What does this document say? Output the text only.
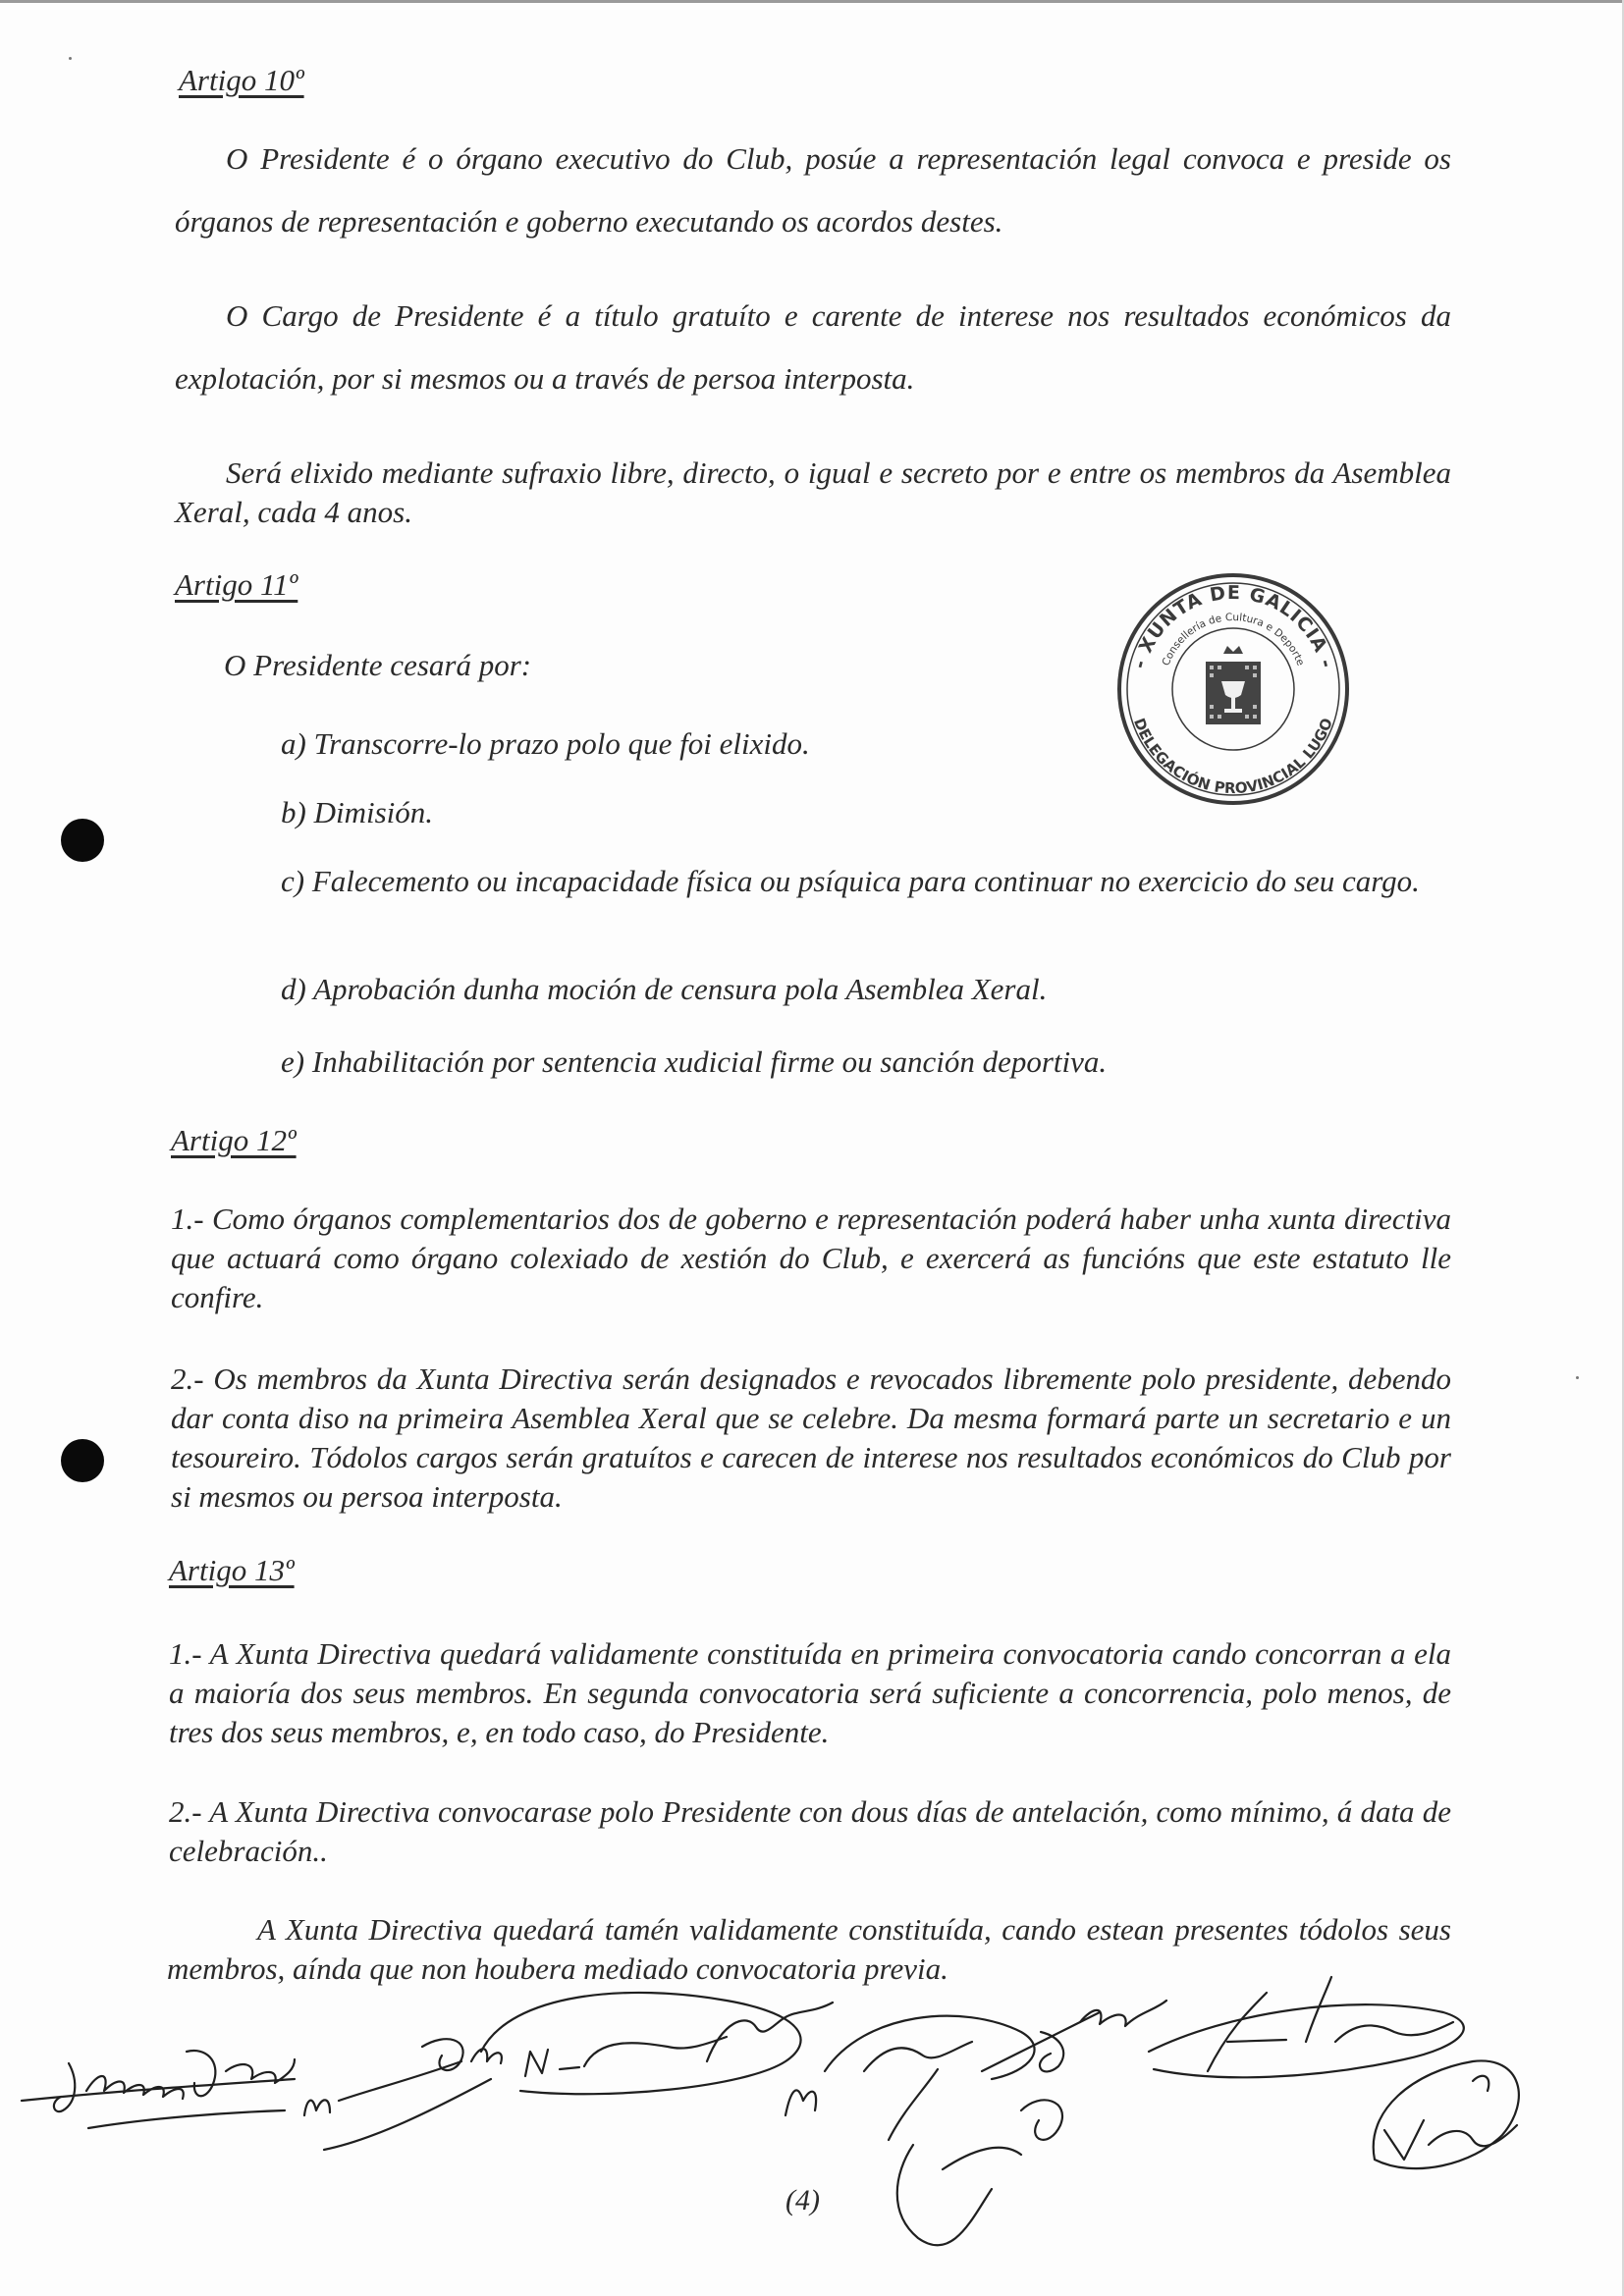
Artigo 10º
O Presidente é o órgano executivo do Club, posúe a representación legal convoca e preside os órganos de representación e goberno executando os acordos destes.
O Cargo de Presidente é a título gratuíto e carente de interese nos resultados económicos da explotación, por si mesmos ou a través de persoa interposta.
Será elixido mediante sufraxio libre, directo, o igual e secreto por e entre os membros da Asemblea Xeral, cada 4 anos.
Artigo 11º
O Presidente cesará por:
a) Transcorre-lo prazo polo que foi elixido.
b) Dimisión.
c) Falecemento ou incapacidade física ou psíquica para continuar no exercicio do seu cargo.
d) Aprobación dunha moción de censura pola Asemblea Xeral.
e) Inhabilitación por sentencia xudicial firme ou sanción deportiva.
- XUNTA DE GALICIA -
Consellería de Cultura e Deporte
DELEGACIÓN PROVINCIAL LUGO
Artigo 12º
1.- Como órganos complementarios dos de goberno e representación poderá haber unha xunta directiva que actuará como órgano colexiado de xestión do Club, e exercerá as funcións que este estatuto lle confire.
2.- Os membros da Xunta Directiva serán designados e revocados libremente polo presidente, debendo dar conta diso na primeira Asemblea Xeral que se celebre. Da mesma formará parte un secretario e un tesoureiro. Tódolos cargos serán gratuítos e carecen de interese nos resultados económicos do Club por si mesmos ou persoa interposta.
Artigo 13º
1.- A Xunta Directiva quedará validamente constituída en primeira convocatoria cando concorran a ela a maioría dos seus membros. En segunda convocatoria será suficiente a concorrencia, polo menos, de tres dos seus membros, e, en todo caso, do Presidente.
2.- A Xunta Directiva convocarase polo Presidente con dous días de antelación, como mínimo, á data de celebración..
A Xunta Directiva quedará tamén validamente constituída, cando estean presentes tódolos seus membros, aínda que non houbera mediado convocatoria previa.
(4)
